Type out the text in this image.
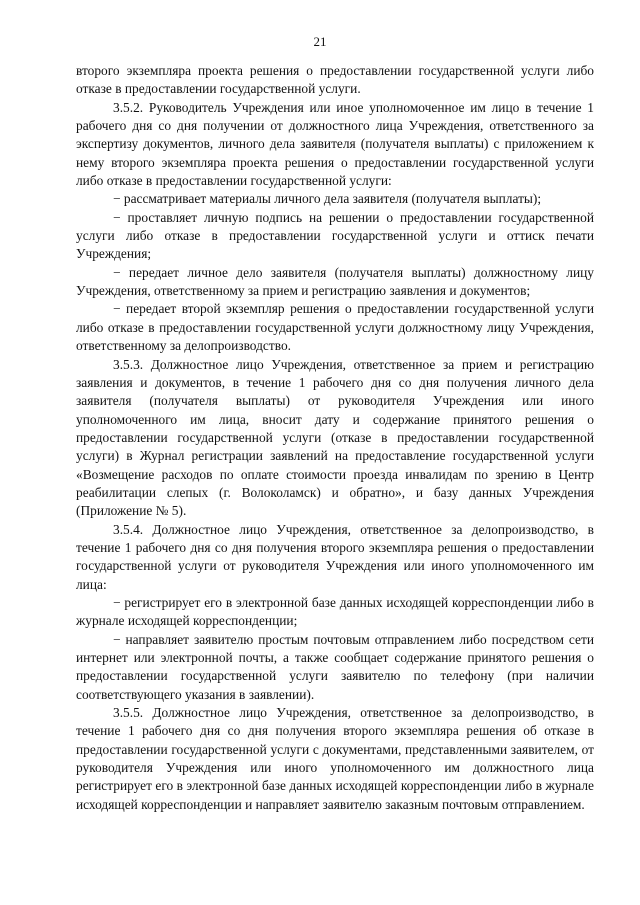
21

второго экземпляра проекта решения о предоставлении государственной услуги либо отказе в предоставлении государственной услуги.

3.5.2. Руководитель Учреждения или иное уполномоченное им лицо в течение 1 рабочего дня со дня получении от должностного лица Учреждения, ответственного за экспертизу документов, личного дела заявителя (получателя выплаты) с приложением к нему второго экземпляра проекта решения о предоставлении государственной услуги либо отказе в предоставлении государственной услуги:

− рассматривает материалы личного дела заявителя (получателя выплаты);

− проставляет личную подпись на решении о предоставлении государственной услуги либо отказе в предоставлении государственной услуги и оттиск печати Учреждения;

− передает личное дело заявителя (получателя выплаты) должностному лицу Учреждения, ответственному за прием и регистрацию заявления и документов;

− передает второй экземпляр решения о предоставлении государственной услуги либо отказе в предоставлении государственной услуги должностному лицу Учреждения, ответственному за делопроизводство.

3.5.3. Должностное лицо Учреждения, ответственное за прием и регистрацию заявления и документов, в течение 1 рабочего дня со дня получения личного дела заявителя (получателя выплаты) от руководителя Учреждения или иного уполномоченного им лица, вносит дату и содержание принятого решения о предоставлении государственной услуги (отказе в предоставлении государственной услуги) в Журнал регистрации заявлений на предоставление государственной услуги «Возмещение расходов по оплате стоимости проезда инвалидам по зрению в Центр реабилитации слепых (г. Волоколамск) и обратно», и базу данных Учреждения (Приложение № 5).

3.5.4. Должностное лицо Учреждения, ответственное за делопроизводство, в течение 1 рабочего дня со дня получения второго экземпляра решения о предоставлении государственной услуги от руководителя Учреждения или иного уполномоченного им лица:

− регистрирует его в электронной базе данных исходящей корреспонденции либо в журнале исходящей корреспонденции;

− направляет заявителю простым почтовым отправлением либо посредством сети интернет или электронной почты, а также сообщает содержание принятого решения о предоставлении государственной услуги заявителю по телефону (при наличии соответствующего указания в заявлении).

3.5.5. Должностное лицо Учреждения, ответственное за делопроизводство, в течение 1 рабочего дня со дня получения второго экземпляра решения об отказе в предоставлении государственной услуги с документами, представленными заявителем, от руководителя Учреждения или иного уполномоченного им должностного лица регистрирует его в электронной базе данных исходящей корреспонденции либо в журнале исходящей корреспонденции и направляет заявителю заказным почтовым отправлением.
